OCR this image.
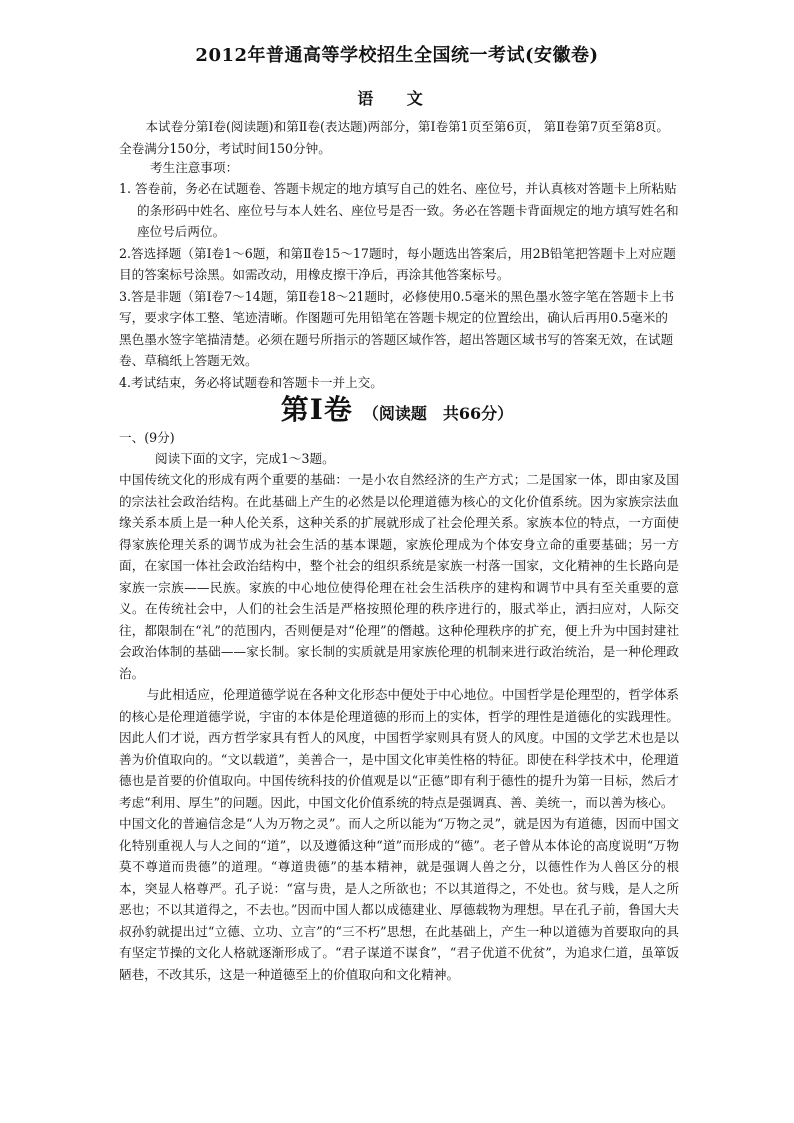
2012年普通高等学校招生全国统一考试(安徽卷)
语 文
本试卷分第Ⅰ卷(阅读题)和第Ⅱ卷(表达题)两部分，第Ⅰ卷第1页至第6页， 第Ⅱ卷第7页至第8页。全卷满分150分，考试时间150分钟。
考生注意事项：
1. 答卷前，务必在试题卷、答题卡规定的地方填写自己的姓名、座位号，并认真核对答题卡上所粘贴的条形码中姓名、座位号与本人姓名、座位号是否一致。务必在答题卡背面规定的地方填写姓名和座位号后两位。
2.答选择题（第Ⅰ卷1～6题，和第Ⅱ卷15～17题时，每小题选出答案后，用2B铅笔把答题卡上对应题目的答案标号涂黑。如需改动，用橡皮擦干净后，再涂其他答案标号。
3.答是非题（第Ⅰ卷7～14题，第Ⅱ卷18～21题时，必修使用0.5毫米的黑色墨水签字笔在答题卡上书写，要求字体工整、笔迹清晰。作图题可先用铅笔在答题卡规定的位置绘出，确认后再用0.5毫米的黑色墨水签字笔描清楚。必须在题号所指示的答题区域作答，超出答题区域书写的答案无效，在试题卷、草稿纸上答题无效。
4.考试结束，务必将试题卷和答题卡一并上交。
第Ⅰ卷 （阅读题　共66分）
一、(9分)
阅读下面的文字，完成1～3题。

中国传统文化的形成有两个重要的基础：一是小农自然经济的生产方式；二是国家一体，即由家及国的宗法社会政治结构。在此基础上产生的必然是以伦理道德为核心的文化价值系统。因为家族宗法血缘关系本质上是一种人伦关系，这种关系的扩展就形成了社会伦理关系。家族本位的特点，一方面使得家族伦理关系的调节成为社会生活的基本课题，家族伦理成为个体安身立命的重要基础；另一方面，在家国一体社会政治结构中，整个社会的组织系统是家族一村落一国家，文化精神的生长路向是家族一宗族——民族。家族的中心地位使得伦理在社会生活秩序的建构和调节中具有至关重要的意义。在传统社会中，人们的社会生活是严格按照伦理的秩序进行的，服式举止，洒扫应对，人际交往，都限制在“礼”的范围内，否则便是对“伦理”的僭越。这种伦理秩序的扩充，便上升为中国封建社会政治体制的基础——家长制。家长制的实质就是用家族伦理的机制来进行政治统治，是一种伦理政治。

与此相适应，伦理道德学说在各种文化形态中便处于中心地位。中国哲学是伦理型的，哲学体系的核心是伦理道德学说，宇宙的本体是伦理道德的形而上的实体，哲学的理性是道德化的实践理性。因此人们才说，西方哲学家具有哲人的风度，中国哲学家则具有贤人的风度。中国的文学艺术也是以善为价值取向的。“文以载道”，美善合一，是中国文化审美性格的特征。即使在科学技术中，伦理道德也是首要的价值取向。中国传统科技的价值观是以“正德”即有利于德性的提升为第一目标，然后才考虑“利用、厚生”的问题。因此，中国文化价值系统的特点是强调真、善、美统一，而以善为核心。

中国文化的普遍信念是“人为万物之灵”。而人之所以能为“万物之灵”，就是因为有道德，因而中国文化特别重视人与人之间的“道”，以及遵循这种“道”而形成的“德”。老子曾从本体论的高度说明“万物莫不尊道而贵德”的道理。“尊道贵德”的基本精神，就是强调人兽之分，以德性作为人兽区分的根本，突显人格尊严。孔子说：“富与贵，是人之所欲也；不以其道得之，不处也。贫与贱，是人之所恶也；不以其道得之，不去也。”因而中国人都以成德建业、厚德载物为理想。早在孔子前，鲁国大夫叔孙豹就提出过“立德、立功、立言”的“三不朽”思想，在此基础上，产生一种以道德为首要取向的具有坚定节操的文化人格就逐渐形成了。“君子谋道不谋食”，“君子优道不优贫”，为追求仁道，虽箪饭陋巷，不改其乐，这是一种道德至上的价值取向和文化精神。
